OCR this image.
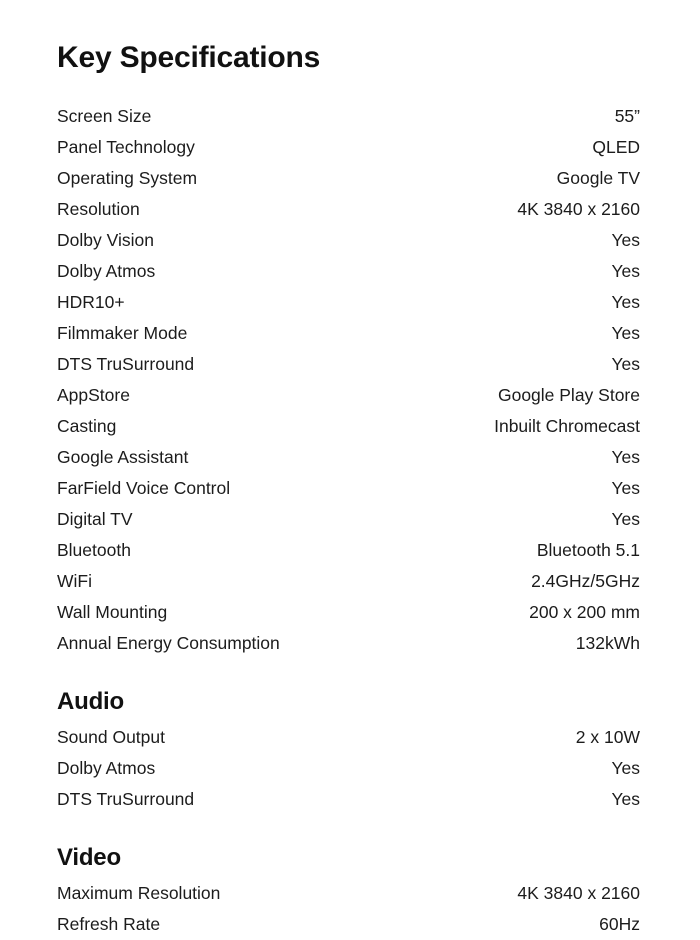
Key Specifications
Screen Size	55”
Panel Technology	QLED
Operating System	Google TV
Resolution	4K 3840 x 2160
Dolby Vision	Yes
Dolby Atmos	Yes
HDR10+	Yes
Filmmaker Mode	Yes
DTS TruSurround	Yes
AppStore	Google Play Store
Casting	Inbuilt Chromecast
Google Assistant	Yes
FarField Voice Control	Yes
Digital TV	Yes
Bluetooth	Bluetooth 5.1
WiFi	2.4GHz/5GHz
Wall Mounting	200 x 200 mm
Annual Energy Consumption	132kWh
Audio
Sound Output	2 x 10W
Dolby Atmos	Yes
DTS TruSurround	Yes
Video
Maximum Resolution	4K 3840 x 2160
Refresh Rate	60Hz
